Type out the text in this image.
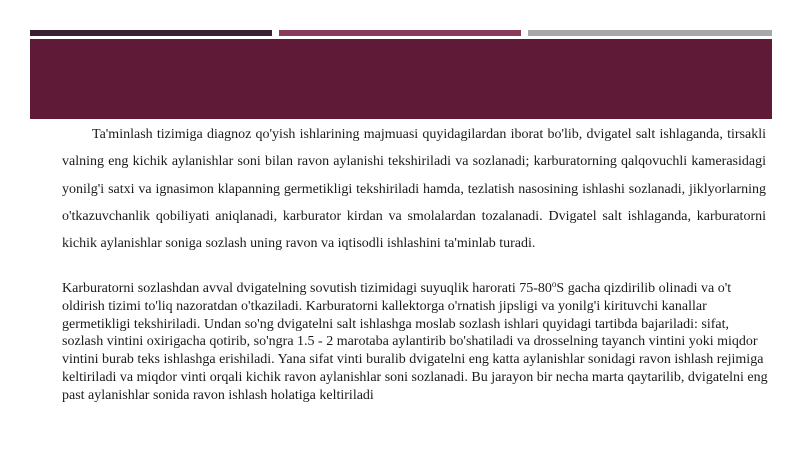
Ta'minlash tizimiga diagnoz qo'yish ishlarining majmuasi quyidagilardan iborat bo'lib, dvigatel salt ishlaganda, tirsakli valning eng kichik aylanishlar soni bilan ravon aylanishi tekshiriladi va sozlanadi; karburatorning qalqovuchli kamerasidagi yonilg'i satxi va ignasimon klapanning germetikligi tekshiriladi hamda, tezlatish nasosining ishlashi sozlanadi, jiklyorlarning o'tkazuvchanlik qobiliyati aniqlanadi, karburator kirdan va smolalardan tozalanadi. Dvigatel salt ishlaganda, karburatorni kichik aylanishlar soniga sozlash uning ravon va iqtisodli ishlashini ta'minlab turadi.
Karburatorni sozlashdan avval dvigatelning sovutish tizimidagi suyuqlik harorati 75-80$^o$S gacha qizdirilib olinadi va o't oldirish tizimi to'liq nazoratdan o'tkaziladi. Karburatorni kallektorga o'rnatish jipsligi va yonilg'i kirituvchi kanallar germetikligi tekshiriladi. Undan so'ng dvigatelni salt ishlashga moslab sozlash ishlari quyidagi tartibda bajariladi: sifat, sozlash vintini oxirigacha qotirib, so'ngra 1.5 - 2 marotaba aylantirib bo'shatiladi va drosselning tayanch vintini yoki miqdor vintini burab teks ishlashga erishiladi. Yana sifat vinti buralib dvigatelni eng katta aylanishlar sonidagi ravon ishlash rejimiga keltiriladi va miqdor vinti orqali kichik ravon aylanishlar soni sozlanadi. Bu jarayon bir necha marta qaytarilib, dvigatelni eng past aylanishlar sonida ravon ishlash holatiga keltiriladi
